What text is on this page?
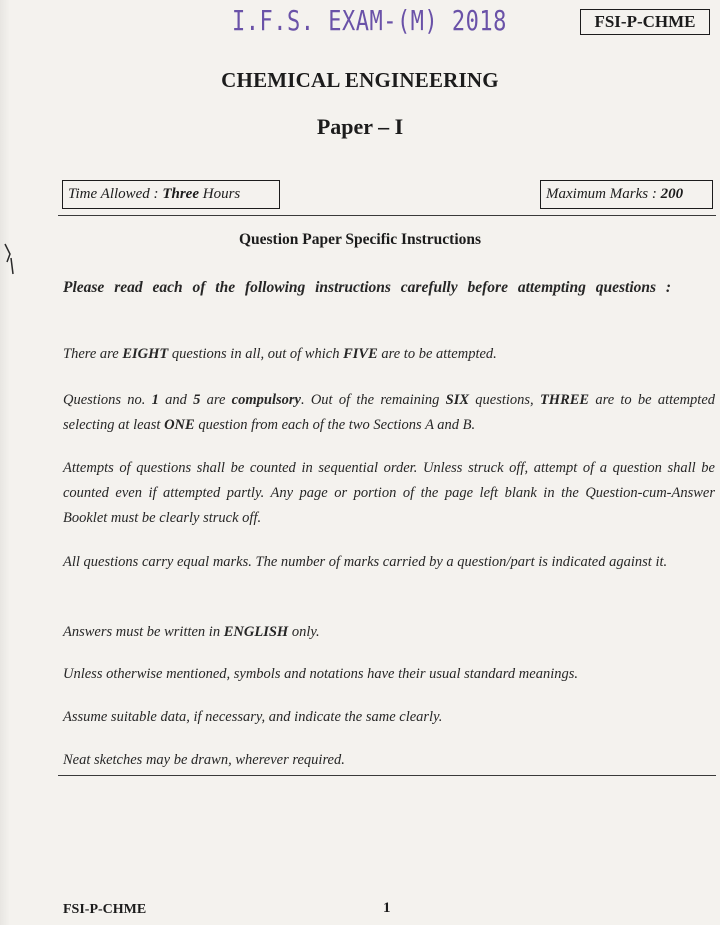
I.F.S. EXAM-(M) 2018	FSI-P-CHME
CHEMICAL ENGINEERING
Paper – I
Time Allowed : Three Hours	Maximum Marks : 200
Question Paper Specific Instructions
Please read each of the following instructions carefully before attempting questions :
There are EIGHT questions in all, out of which FIVE are to be attempted.
Questions no. 1 and 5 are compulsory. Out of the remaining SIX questions, THREE are to be attempted selecting at least ONE question from each of the two Sections A and B.
Attempts of questions shall be counted in sequential order. Unless struck off, attempt of a question shall be counted even if attempted partly. Any page or portion of the page left blank in the Question-cum-Answer Booklet must be clearly struck off.
All questions carry equal marks. The number of marks carried by a question/part is indicated against it.
Answers must be written in ENGLISH only.
Unless otherwise mentioned, symbols and notations have their usual standard meanings.
Assume suitable data, if necessary, and indicate the same clearly.
Neat sketches may be drawn, wherever required.
FSI-P-CHME	1
